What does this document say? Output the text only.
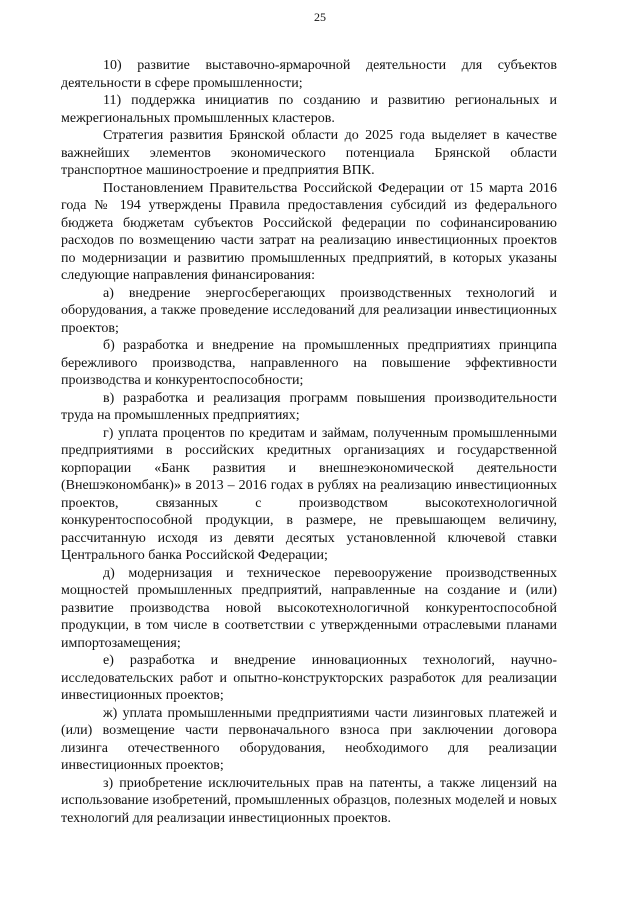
25

10) развитие выставочно-ярмарочной деятельности для субъектов деятельности в сфере промышленности;

11) поддержка инициатив по созданию и развитию региональных и межрегиональных промышленных кластеров.

Стратегия развития Брянской области до 2025 года выделяет в качестве важнейших элементов экономического потенциала Брянской области транспортное машиностроение и предприятия ВПК.

Постановлением Правительства Российской Федерации от 15 марта 2016 года № 194 утверждены Правила предоставления субсидий из федерального бюджета бюджетам субъектов Российской федерации по софинансированию расходов по возмещению части затрат на реализацию инвестиционных проектов по модернизации и развитию промышленных предприятий, в которых указаны следующие направления финансирования:

а) внедрение энергосберегающих производственных технологий и оборудования, а также проведение исследований для реализации инвестиционных проектов;

б) разработка и внедрение на промышленных предприятиях принципа бережливого производства, направленного на повышение эффективности производства и конкурентоспособности;

в) разработка и реализация программ повышения производительности труда на промышленных предприятиях;

г) уплата процентов по кредитам и займам, полученным промышленными предприятиями в российских кредитных организациях и государственной корпорации «Банк развития и внешнеэкономической деятельности (Внешэкономбанк)» в 2013 – 2016 годах в рублях на реализацию инвестиционных проектов, связанных с производством высокотехнологичной конкурентоспособной продукции, в размере, не превышающем величину, рассчитанную исходя из девяти десятых установленной ключевой ставки Центрального банка Российской Федерации;

д) модернизация и техническое перевооружение производственных мощностей промышленных предприятий, направленные на создание и (или) развитие производства новой высокотехнологичной конкурентоспособной продукции, в том числе в соответствии с утвержденными отраслевыми планами импортозамещения;

е) разработка и внедрение инновационных технологий, научно-исследовательских работ и опытно-конструкторских разработок для реализации инвестиционных проектов;

ж) уплата промышленными предприятиями части лизинговых платежей и (или) возмещение части первоначального взноса при заключении договора лизинга отечественного оборудования, необходимого для реализации инвестиционных проектов;

з) приобретение исключительных прав на патенты, а также лицензий на использование изобретений, промышленных образцов, полезных моделей и новых технологий для реализации инвестиционных проектов.
